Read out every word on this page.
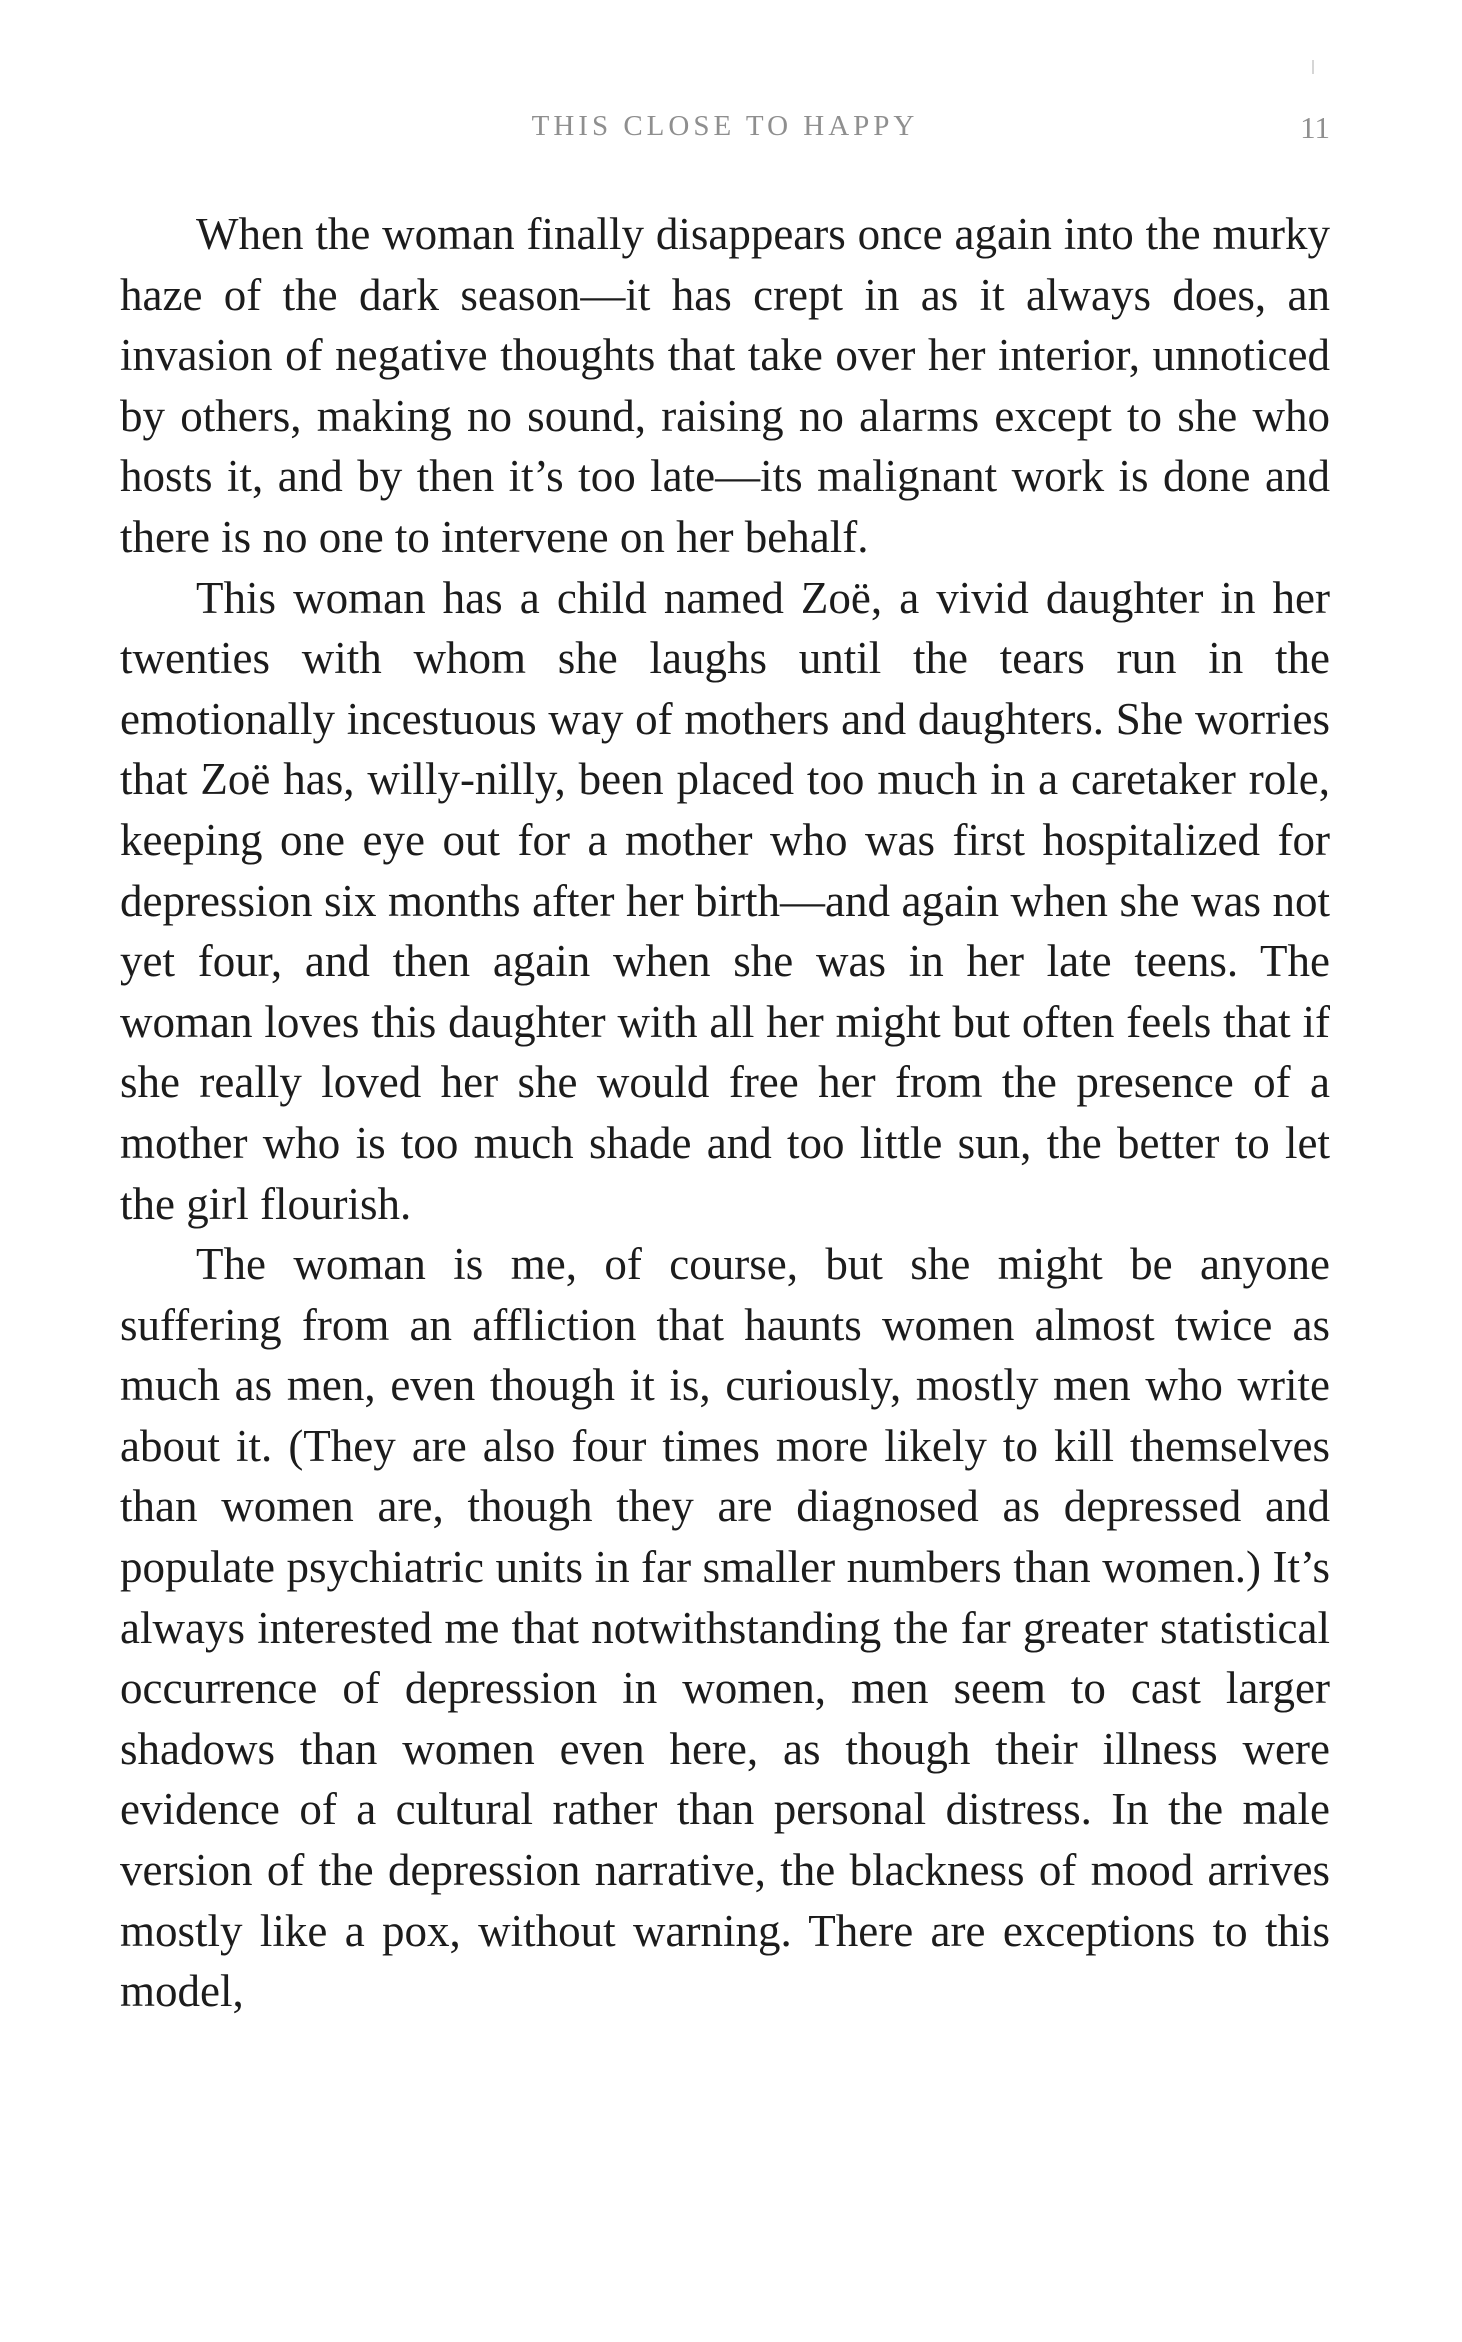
THIS CLOSE TO HAPPY	11

When the woman finally disappears once again into the murky haze of the dark season—it has crept in as it always does, an invasion of negative thoughts that take over her interior, unnoticed by others, making no sound, raising no alarms except to she who hosts it, and by then it’s too late—its malignant work is done and there is no one to intervene on her behalf.

This woman has a child named Zoë, a vivid daughter in her twenties with whom she laughs until the tears run in the emotionally incestuous way of mothers and daughters. She worries that Zoë has, willy-nilly, been placed too much in a caretaker role, keeping one eye out for a mother who was first hospitalized for depression six months after her birth—and again when she was not yet four, and then again when she was in her late teens. The woman loves this daughter with all her might but often feels that if she really loved her she would free her from the presence of a mother who is too much shade and too little sun, the better to let the girl flourish.

The woman is me, of course, but she might be anyone suffering from an affliction that haunts women almost twice as much as men, even though it is, curiously, mostly men who write about it. (They are also four times more likely to kill themselves than women are, though they are diagnosed as depressed and populate psychiatric units in far smaller numbers than women.) It’s always interested me that notwithstanding the far greater statistical occurrence of depression in women, men seem to cast larger shadows than women even here, as though their illness were evidence of a cultural rather than personal distress. In the male version of the depression narrative, the blackness of mood arrives mostly like a pox, without warning. There are exceptions to this model,
